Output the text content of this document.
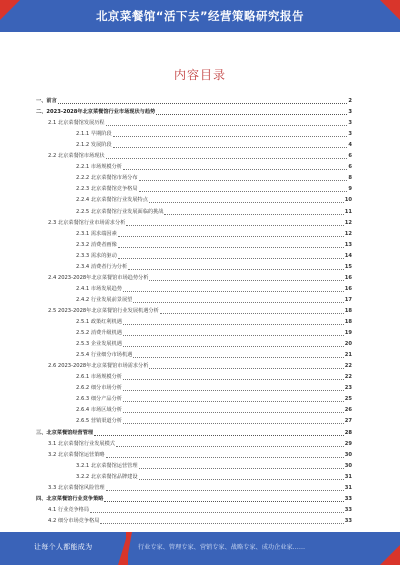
北京菜餐馆“活下去”经营策略研究报告
内容目录
一、前言	2
二、2023-2028年北京菜餐馆行业市场现状与趋势	3
2.1 北京菜餐馆发展历程	3
2.1.1 早期阶段	3
2.1.2 发展阶段	4
2.2 北京菜餐馆市场现状	6
2.2.1 市场规模分析	6
2.2.2 北京菜餐馆市场分布	8
2.2.3 北京菜餐馆竞争格局	9
2.2.4 北京菜餐馆行业发展特点	10
2.2.5 北京菜餐馆行业发展面临的挑战	11
2.3 北京菜餐馆行业市场需求分析	12
2.3.1 需求端因素	12
2.3.2 消费者画像	13
2.3.3 需求的驱动	14
2.3.4 消费者行为分析	15
2.4 2023-2028年北京菜餐馆市场趋势分析	16
2.4.1 市场发展趋势	16
2.4.2 行业发展前景展望	17
2.5 2023-2028年北京菜餐馆行业发展机遇分析	18
2.5.1 政策红利机遇	18
2.5.2 消费升级机遇	19
2.5.3 企业发展机遇	20
2.5.4 行业细分市场机遇	21
2.6 2023-2028年北京菜餐馆市场需求分析	22
2.6.1 市场规模分析	22
2.6.2 细分市场分析	23
2.6.3 细分产品分析	25
2.6.4 市场区域分析	26
2.6.5 营销渠道分析	27
三、北京菜餐馆经营管理	28
3.1 北京菜餐馆行业发展模式	29
3.2 北京菜餐馆运营策略	30
3.2.1 北京菜餐馆运营管理	30
3.2.2 北京菜餐馆品牌建设	31
3.3 北京菜餐馆风险管理	31
四、北京菜餐馆行业竞争策略	33
4.1 行业竞争格局	33
4.2 细分市场竞争格局	33
让每个人都能成为	行业专家、管理专家、营销专家、战略专家、成功企业家……
